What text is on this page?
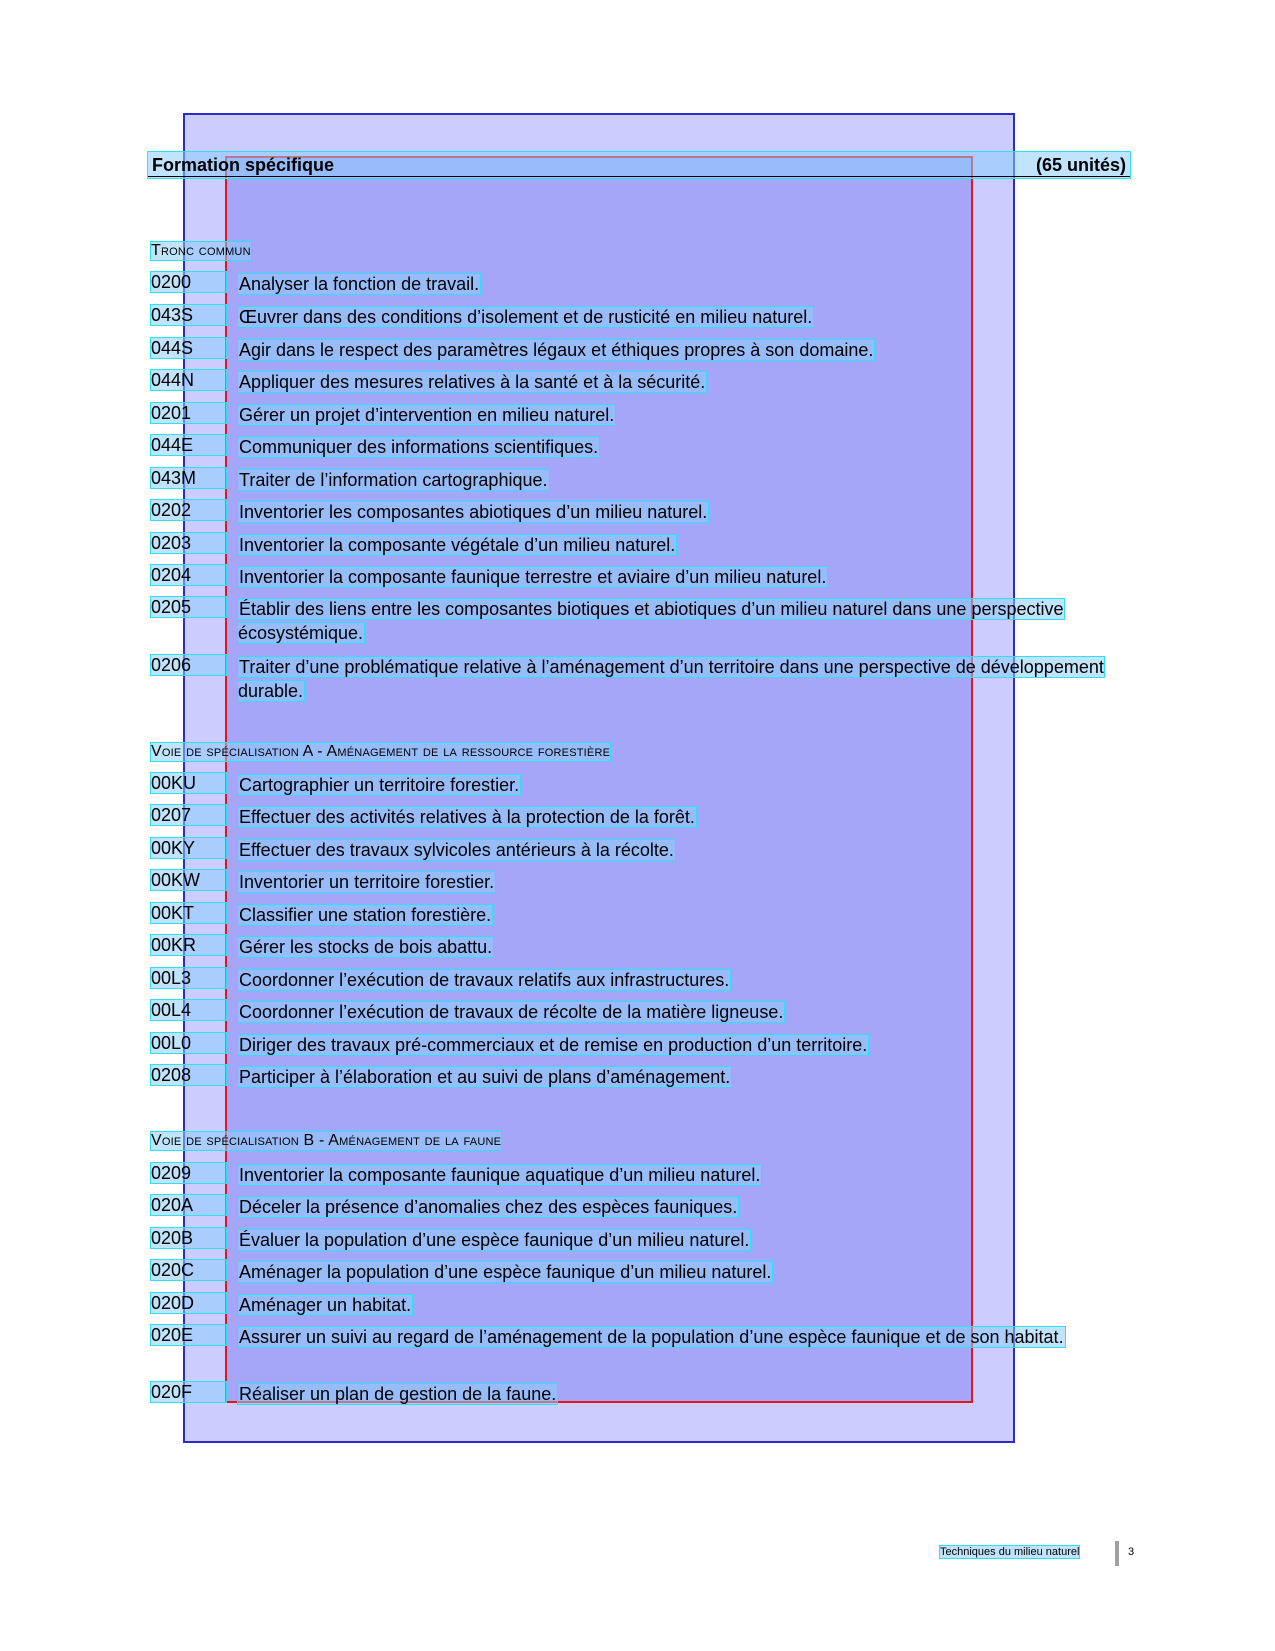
Formation spécifique	(65 unités)
Tronc commun
0200	Analyser la fonction de travail.
043S	Œuvrer dans des conditions d’isolement et de rusticité en milieu naturel.
044S	Agir dans le respect des paramètres légaux et éthiques propres à son domaine.
044N	Appliquer des mesures relatives à la santé et à la sécurité.
0201	Gérer un projet d’intervention en milieu naturel.
044E	Communiquer des informations scientifiques.
043M	Traiter de l’information cartographique.
0202	Inventorier les composantes abiotiques d’un milieu naturel.
0203	Inventorier la composante végétale d’un milieu naturel.
0204	Inventorier la composante faunique terrestre et aviaire d’un milieu naturel.
0205	Établir des liens entre les composantes biotiques et abiotiques d’un milieu naturel dans une perspective écosystémique.
0206	Traiter d’une problématique relative à l’aménagement d’un territoire dans une perspective de développement durable.
Voie de spécialisation A - Aménagement de la ressource forestière
00KU	Cartographier un territoire forestier.
0207	Effectuer des activités relatives à la protection de la forêt.
00KY	Effectuer des travaux sylvicoles antérieurs à la récolte.
00KW	Inventorier un territoire forestier.
00KT	Classifier une station forestière.
00KR	Gérer les stocks de bois abattu.
00L3	Coordonner l’exécution de travaux relatifs aux infrastructures.
00L4	Coordonner l’exécution de travaux de récolte de la matière ligneuse.
00L0	Diriger des travaux pré-commerciaux et de remise en production d’un territoire.
0208	Participer à l’élaboration et au suivi de plans d’aménagement.
Voie de spécialisation B - Aménagement de la faune
0209	Inventorier la composante faunique aquatique d’un milieu naturel.
020A	Déceler la présence d’anomalies chez des espèces fauniques.
020B	Évaluer la population d’une espèce faunique d’un milieu naturel.
020C	Aménager la population d’une espèce faunique d’un milieu naturel.
020D	Aménager un habitat.
020E	Assurer un suivi au regard de l’aménagement de la population d’une espèce faunique et de son habitat.
020F	Réaliser un plan de gestion de la faune.
Techniques du milieu naturel	3
